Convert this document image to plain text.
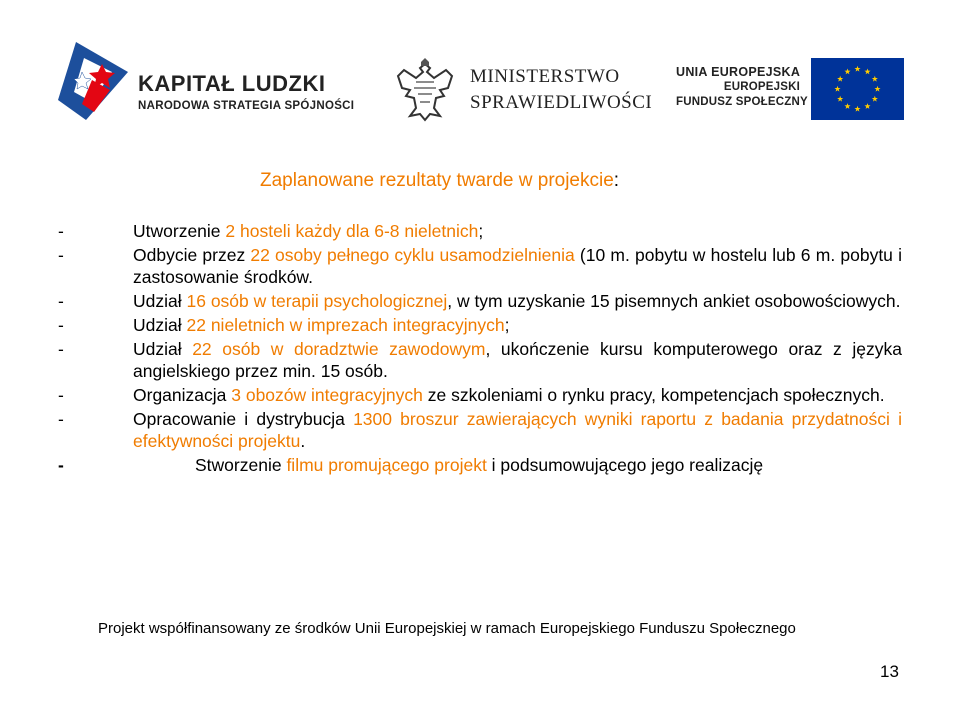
KAPITAŁ LUDZKI
NARODOWA STRATEGIA SPÓJNOŚCI
MINISTERSTWO
SPRAWIEDLIWOŚCI
UNIA EUROPEJSKA
EUROPEJSKI
FUNDUSZ SPOŁECZNY
Zaplanowane rezultaty twarde w projekcie:
-	Utworzenie 2 hosteli każdy dla 6-8 nieletnich;
-	Odbycie przez 22 osoby pełnego cyklu usamodzielnienia (10 m. pobytu w hostelu lub 6 m. pobytu i zastosowanie środków.
-	Udział 16 osób w terapii psychologicznej, w tym uzyskanie 15 pisemnych ankiet osobowościowych.
-	Udział 22 nieletnich w imprezach integracyjnych;
-	Udział 22 osób w doradztwie zawodowym, ukończenie kursu komputerowego oraz z języka angielskiego przez min. 15 osób.
-	Organizacja 3 obozów integracyjnych ze szkoleniami o rynku pracy, kompetencjach społecznych.
-	Opracowanie i dystrybucja 1300 broszur zawierających wyniki raportu z badania przydatności i efektywności projektu.
-	Stworzenie filmu promującego projekt i podsumowującego jego realizację
Projekt współfinansowany ze środków Unii Europejskiej w ramach Europejskiego Funduszu Społecznego
13
